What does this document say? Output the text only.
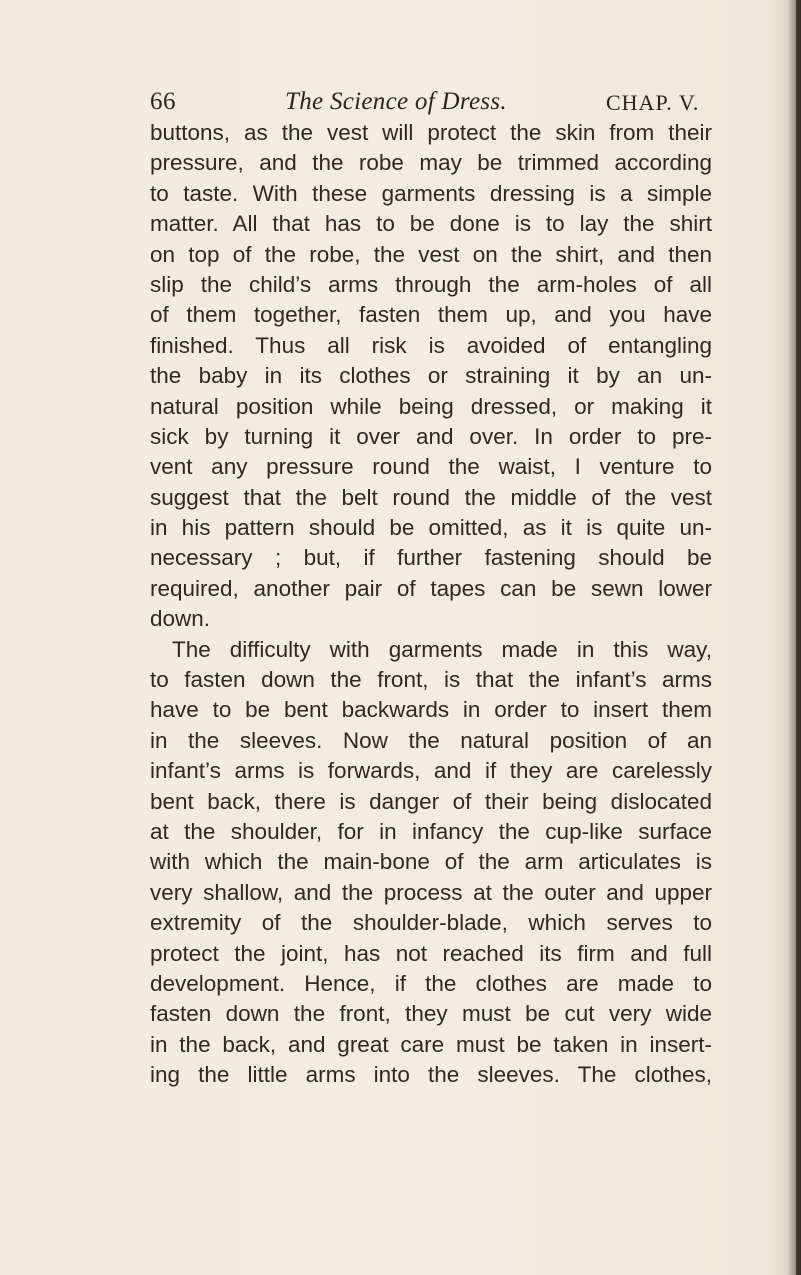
66	The Science of Dress.	CHAP. V.
buttons, as the vest will protect the skin from their
pressure, and the robe may be trimmed according
to taste. With these garments dressing is a simple
matter. All that has to be done is to lay the shirt
on top of the robe, the vest on the shirt, and then
slip the child’s arms through the arm-holes of all
of them together, fasten them up, and you have
finished. Thus all risk is avoided of entangling
the baby in its clothes or straining it by an un-
natural position while being dressed, or making it
sick by turning it over and over. In order to pre-
vent any pressure round the waist, I venture to
suggest that the belt round the middle of the vest
in his pattern should be omitted, as it is quite un-
necessary ; but, if further fastening should be
required, another pair of tapes can be sewn lower
down.
The difficulty with garments made in this way,
to fasten down the front, is that the infant’s arms
have to be bent backwards in order to insert them
in the sleeves. Now the natural position of an
infant’s arms is forwards, and if they are carelessly
bent back, there is danger of their being dislocated
at the shoulder, for in infancy the cup-like surface
with which the main-bone of the arm articulates is
very shallow, and the process at the outer and upper
extremity of the shoulder-blade, which serves to
protect the joint, has not reached its firm and full
development. Hence, if the clothes are made to
fasten down the front, they must be cut very wide
in the back, and great care must be taken in insert-
ing the little arms into the sleeves. The clothes,
